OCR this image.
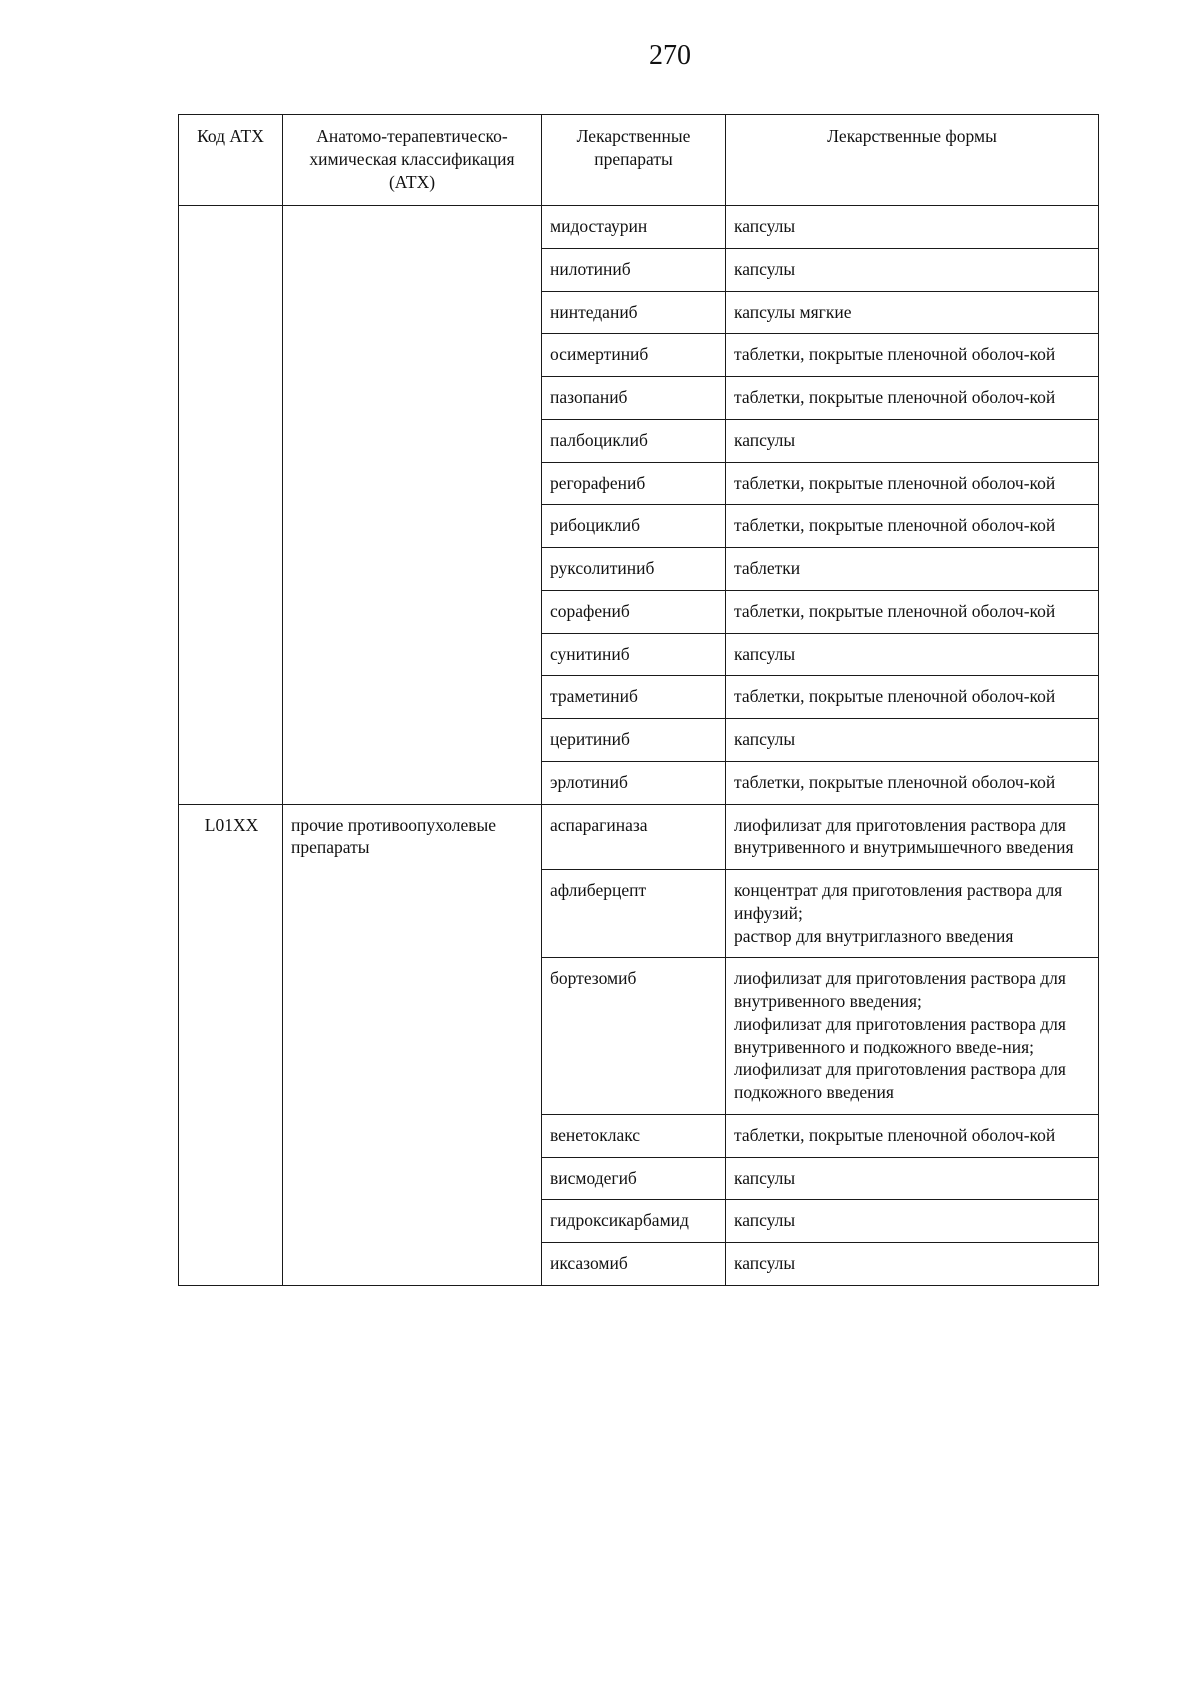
270
Код АТХ	Анатомо-терапевтическо-химическая классификация (АТХ)	Лекарственные препараты	Лекарственные формы
		мидостаурин	капсулы
		нилотиниб	капсулы
		нинтеданиб	капсулы мягкие
		осимертиниб	таблетки, покрытые пленочной оболоч-кой
		пазопаниб	таблетки, покрытые пленочной оболоч-кой
		палбоциклиб	капсулы
		регорафениб	таблетки, покрытые пленочной оболоч-кой
		рибоциклиб	таблетки, покрытые пленочной оболоч-кой
		руксолитиниб	таблетки
		сорафениб	таблетки, покрытые пленочной оболоч-кой
		сунитиниб	капсулы
		траметиниб	таблетки, покрытые пленочной оболоч-кой
		церитиниб	капсулы
		эрлотиниб	таблетки, покрытые пленочной оболоч-кой
L01XX	прочие противоопухолевые препараты	аспарагиназа	лиофилизат для приготовления раствора для внутривенного и внутримышечного введения
		афлиберцепт	концентрат для приготовления раствора для инфузий;
раствор для внутриглазного введения
		бортезомиб	лиофилизат для приготовления раствора для внутривенного введения;
лиофилизат для приготовления раствора для внутривенного и подкожного введе-ния;
лиофилизат для приготовления раствора для подкожного введения
		венетоклакс	таблетки, покрытые пленочной оболоч-кой
		висмодегиб	капсулы
		гидроксикарбамид	капсулы
		иксазомиб	капсулы
